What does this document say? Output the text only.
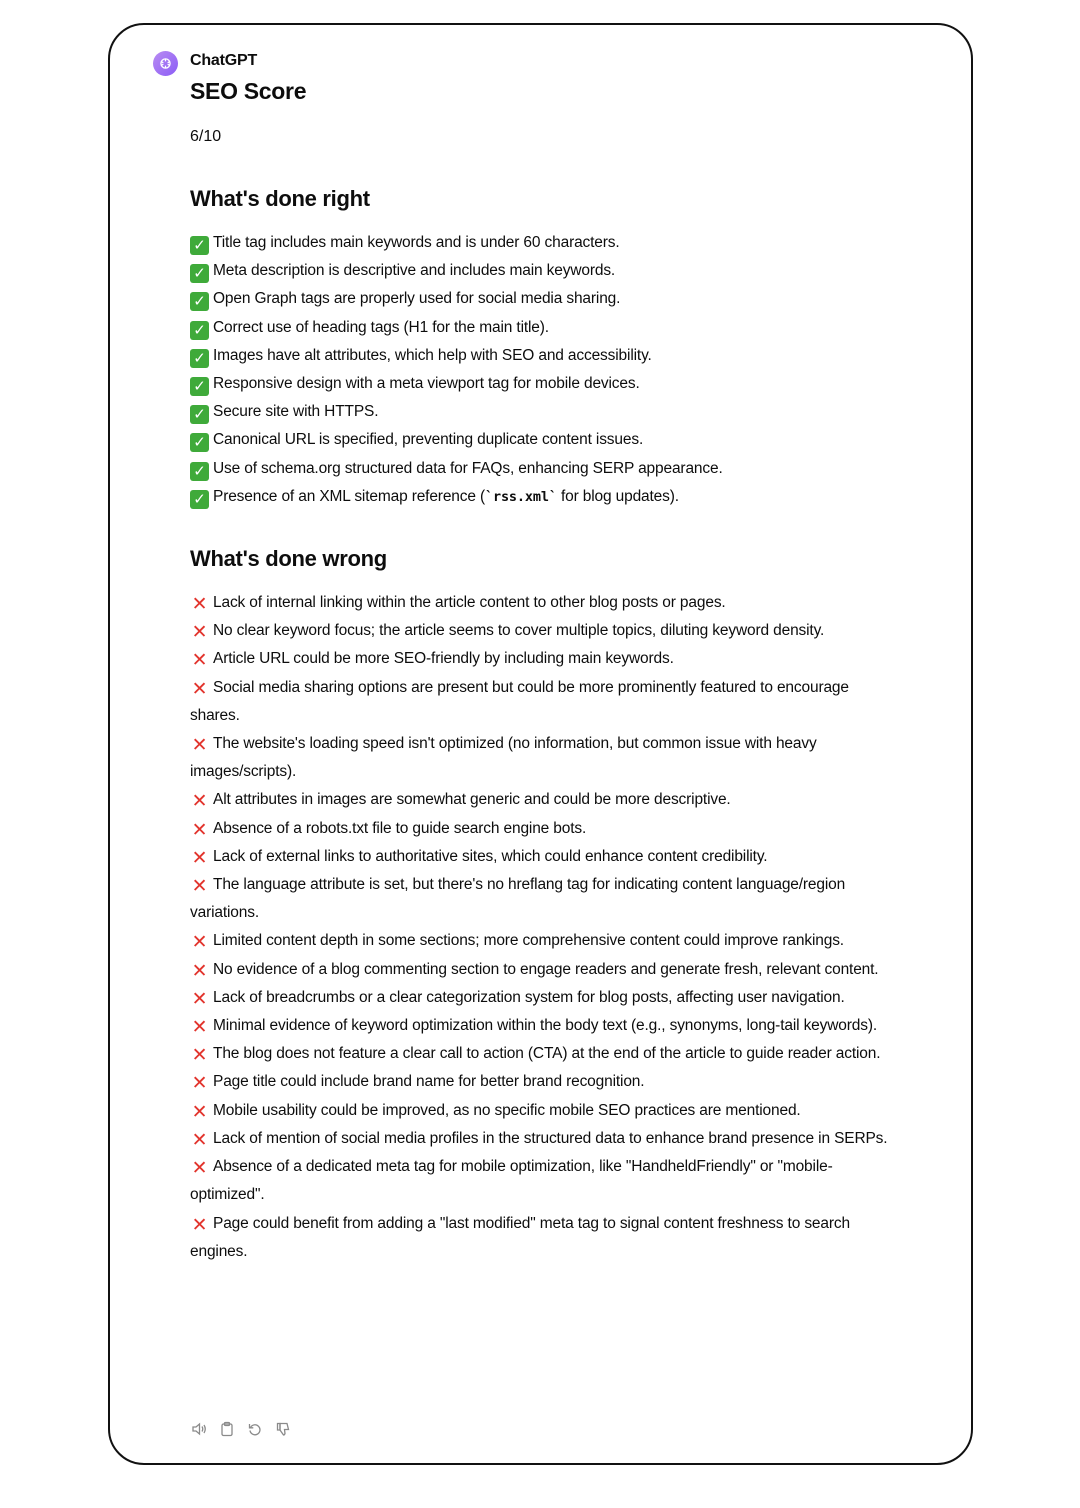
ChatGPT
SEO Score
6/10
What's done right
✓ Title tag includes main keywords and is under 60 characters.
✓ Meta description is descriptive and includes main keywords.
✓ Open Graph tags are properly used for social media sharing.
✓ Correct use of heading tags (H1 for the main title).
✓ Images have alt attributes, which help with SEO and accessibility.
✓ Responsive design with a meta viewport tag for mobile devices.
✓ Secure site with HTTPS.
✓ Canonical URL is specified, preventing duplicate content issues.
✓ Use of schema.org structured data for FAQs, enhancing SERP appearance.
✓ Presence of an XML sitemap reference (`rss.xml` for blog updates).
What's done wrong
✕ Lack of internal linking within the article content to other blog posts or pages.
✕ No clear keyword focus; the article seems to cover multiple topics, diluting keyword density.
✕ Article URL could be more SEO-friendly by including main keywords.
✕ Social media sharing options are present but could be more prominently featured to encourage shares.
✕ The website's loading speed isn't optimized (no information, but common issue with heavy images/scripts).
✕ Alt attributes in images are somewhat generic and could be more descriptive.
✕ Absence of a robots.txt file to guide search engine bots.
✕ Lack of external links to authoritative sites, which could enhance content credibility.
✕ The language attribute is set, but there's no hreflang tag for indicating content language/region variations.
✕ Limited content depth in some sections; more comprehensive content could improve rankings.
✕ No evidence of a blog commenting section to engage readers and generate fresh, relevant content.
✕ Lack of breadcrumbs or a clear categorization system for blog posts, affecting user navigation.
✕ Minimal evidence of keyword optimization within the body text (e.g., synonyms, long-tail keywords).
✕ The blog does not feature a clear call to action (CTA) at the end of the article to guide reader action.
✕ Page title could include brand name for better brand recognition.
✕ Mobile usability could be improved, as no specific mobile SEO practices are mentioned.
✕ Lack of mention of social media profiles in the structured data to enhance brand presence in SERPs.
✕ Absence of a dedicated meta tag for mobile optimization, like "HandheldFriendly" or "mobile-optimized".
✕ Page could benefit from adding a "last modified" meta tag to signal content freshness to search engines.
